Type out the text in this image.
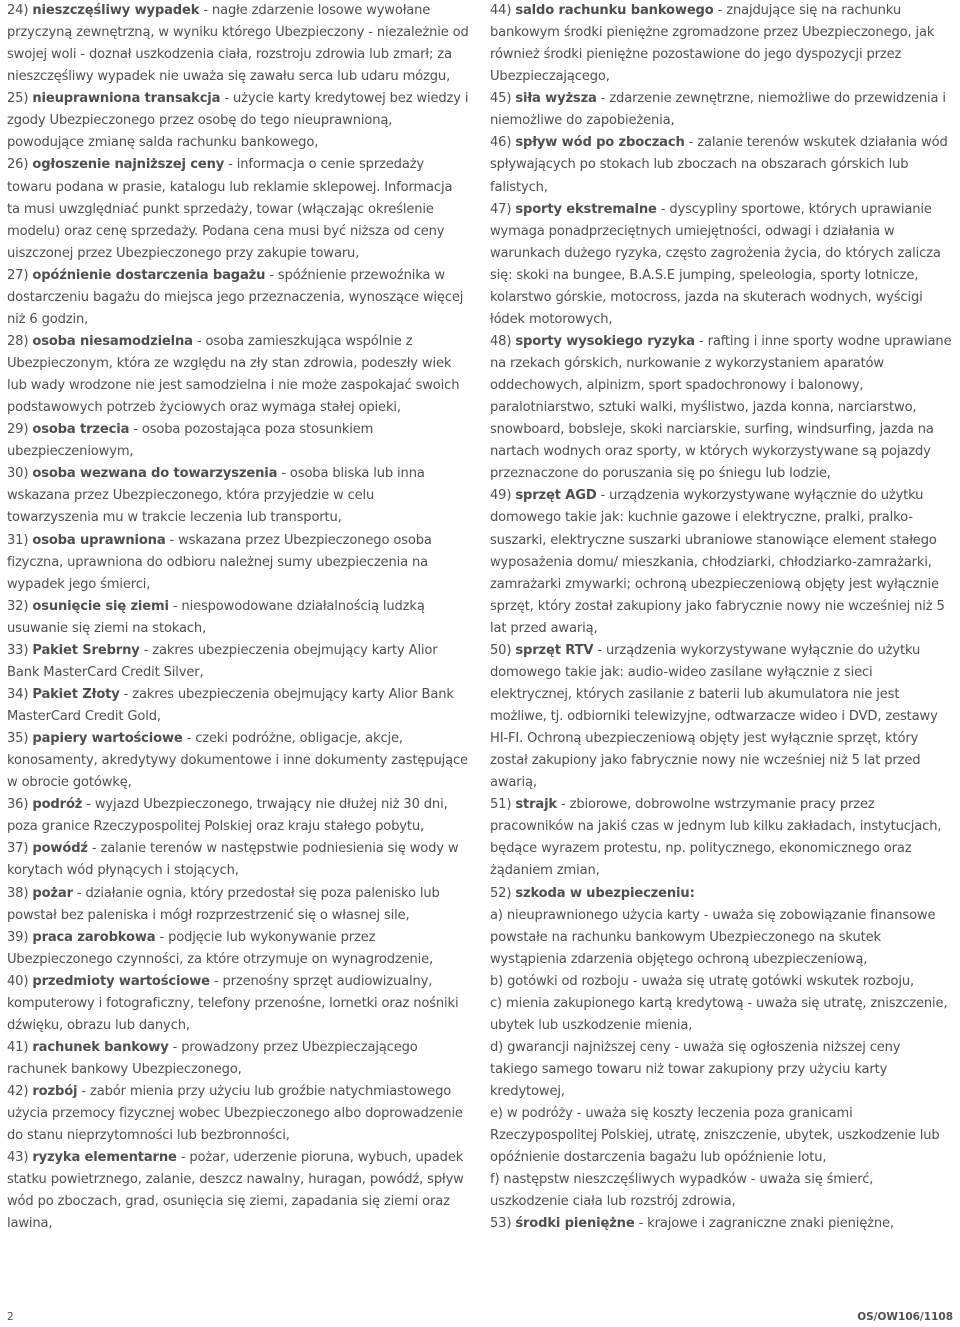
24) nieszczęśliwy wypadek - nagłe zdarzenie losowe wywołane przyczyną zewnętrzną, w wyniku którego Ubezpieczony - niezależnie od swojej woli - doznał uszkodzenia ciała, rozstroju zdrowia lub zmarł; za nieszczęśliwy wypadek nie uważa się zawału serca lub udaru mózgu,

25) nieuprawniona transakcja - użycie karty kredytowej bez wiedzy i zgody Ubezpieczonego przez osobę do tego nieuprawnioną, powodujące zmianę salda rachunku bankowego,

26) ogłoszenie najniższej ceny - informacja o cenie sprzedaży towaru podana w prasie, katalogu lub reklamie sklepowej. Informacja ta musi uwzględniać punkt sprzedaży, towar (włączając określenie modelu) oraz cenę sprzedaży. Podana cena musi być niższa od ceny uiszczonej przez Ubezpieczonego przy zakupie towaru,

27) opóźnienie dostarczenia bagażu - spóźnienie przewoźnika w dostarczeniu bagażu do miejsca jego przeznaczenia, wynoszące więcej niż 6 godzin,

28) osoba niesamodzielna - osoba zamieszkująca wspólnie z Ubezpieczonym, która ze względu na zły stan zdrowia, podeszły wiek lub wady wrodzone nie jest samodzielna i nie może zaspokajać swoich podstawowych potrzeb życiowych oraz wymaga stałej opieki,

29) osoba trzecia - osoba pozostająca poza stosunkiem ubezpieczeniowym,

30) osoba wezwana do towarzyszenia - osoba bliska lub inna wskazana przez Ubezpieczonego, która przyjedzie w celu towarzyszenia mu w trakcie leczenia lub transportu,

31) osoba uprawniona - wskazana przez Ubezpieczonego osoba fizyczna, uprawniona do odbioru należnej sumy ubezpieczenia na wypadek jego śmierci,

32) osunięcie się ziemi - niespowodowane działalnością ludzką usuwanie się ziemi na stokach,

33) Pakiet Srebrny - zakres ubezpieczenia obejmujący karty Alior Bank MasterCard Credit Silver,

34) Pakiet Złoty - zakres ubezpieczenia obejmujący karty Alior Bank MasterCard Credit Gold,

35) papiery wartościowe - czeki podróżne, obligacje, akcje, konosamenty, akredytywy dokumentowe i inne dokumenty zastępujące w obrocie gotówkę,

36) podróż - wyjazd Ubezpieczonego, trwający nie dłużej niż 30 dni, poza granice Rzeczypospolitej Polskiej oraz kraju stałego pobytu,

37) powódź - zalanie terenów w następstwie podniesienia się wody w korytach wód płynących i stojących,

38) pożar - działanie ognia, który przedostał się poza palenisko lub powstał bez paleniska i mógł rozprzestrzenić się o własnej sile,

39) praca zarobkowa - podjęcie lub wykonywanie przez Ubezpieczonego czynności, za które otrzymuje on wynagrodzenie,

40) przedmioty wartościowe - przenośny sprzęt audiowizualny, komputerowy i fotograficzny, telefony przenośne, lornetki oraz nośniki dźwięku, obrazu lub danych,

41) rachunek bankowy - prowadzony przez Ubezpieczającego rachunek bankowy Ubezpieczonego,

42) rozbój - zabór mienia przy użyciu lub groźbie natychmiastowego użycia przemocy fizycznej wobec Ubezpieczonego albo doprowadzenie do stanu nieprzytomności lub bezbronności,

43) ryzyka elementarne - pożar, uderzenie pioruna, wybuch, upadek statku powietrznego, zalanie, deszcz nawalny, huragan, powódź, spływ wód po zboczach, grad, osunięcia się ziemi, zapadania się ziemi oraz lawina,

44) saldo rachunku bankowego - znajdujące się na rachunku bankowym środki pieniężne zgromadzone przez Ubezpieczonego, jak również środki pieniężne pozostawione do jego dyspozycji przez Ubezpieczającego,

45) siła wyższa - zdarzenie zewnętrzne, niemożliwe do przewidzenia i niemożliwe do zapobieżenia,

46) spływ wód po zboczach - zalanie terenów wskutek działania wód spływających po stokach lub zboczach na obszarach górskich lub falistych,

47) sporty ekstremalne - dyscypliny sportowe, których uprawianie wymaga ponadprzeciętnych umiejętności, odwagi i działania w warunkach dużego ryzyka, często zagrożenia życia, do których zalicza się: skoki na bungee, B.A.S.E jumping, speleologia, sporty lotnicze, kolarstwo górskie, motocross, jazda na skuterach wodnych, wyścigi łódek motorowych,

48) sporty wysokiego ryzyka - rafting i inne sporty wodne uprawiane na rzekach górskich, nurkowanie z wykorzystaniem aparatów oddechowych, alpinizm, sport spadochronowy i balonowy, paralotniarstwo, sztuki walki, myślistwo, jazda konna, narciarstwo, snowboard, bobsleje, skoki narciarskie, surfing, windsurfing, jazda na nartach wodnych oraz sporty, w których wykorzystywane są pojazdy przeznaczone do poruszania się po śniegu lub lodzie,

49) sprzęt AGD - urządzenia wykorzystywane wyłącznie do użytku domowego takie jak: kuchnie gazowe i elektryczne, pralki, pralko-suszarki, elektryczne suszarki ubraniowe stanowiące element stałego wyposażenia domu/ mieszkania, chłodziarki, chłodziarko-zamrażarki, zamrażarki zmywarki; ochroną ubezpieczeniową objęty jest wyłącznie sprzęt, który został zakupiony jako fabrycznie nowy nie wcześniej niż 5 lat przed awarią,

50) sprzęt RTV - urządzenia wykorzystywane wyłącznie do użytku domowego takie jak: audio-wideo zasilane wyłącznie z sieci elektrycznej, których zasilanie z baterii lub akumulatora nie jest możliwe, tj. odbiorniki telewizyjne, odtwarzacze wideo i DVD, zestawy HI-FI. Ochroną ubezpieczeniową objęty jest wyłącznie sprzęt, który został zakupiony jako fabrycznie nowy nie wcześniej niż 5 lat przed awarią,

51) strajk - zbiorowe, dobrowolne wstrzymanie pracy przez pracowników na jakiś czas w jednym lub kilku zakładach, instytucjach, będące wyrazem protestu, np. politycznego, ekonomicznego oraz żądaniem zmian,

52) szkoda w ubezpieczeniu:

a) nieuprawnionego użycia karty - uważa się zobowiązanie finansowe powstałe na rachunku bankowym Ubezpieczonego na skutek wystąpienia zdarzenia objętego ochroną ubezpieczeniową,

b) gotówki od rozboju - uważa się utratę gotówki wskutek rozboju,

c) mienia zakupionego kartą kredytową - uważa się utratę, zniszczenie, ubytek lub uszkodzenie mienia,

d) gwarancji najniższej ceny - uważa się ogłoszenia niższej ceny takiego samego towaru niż towar zakupiony przy użyciu karty kredytowej,

e) w podróży - uważa się koszty leczenia poza granicami Rzeczypospolitej Polskiej, utratę, zniszczenie, ubytek, uszkodzenie lub opóźnienie dostarczenia bagażu lub opóźnienie lotu,

f) następstw nieszczęśliwych wypadków - uważa się śmierć, uszkodzenie ciała lub rozstrój zdrowia,

53) środki pieniężne - krajowe i zagraniczne znaki pieniężne,

2	OS/OW106/1108
